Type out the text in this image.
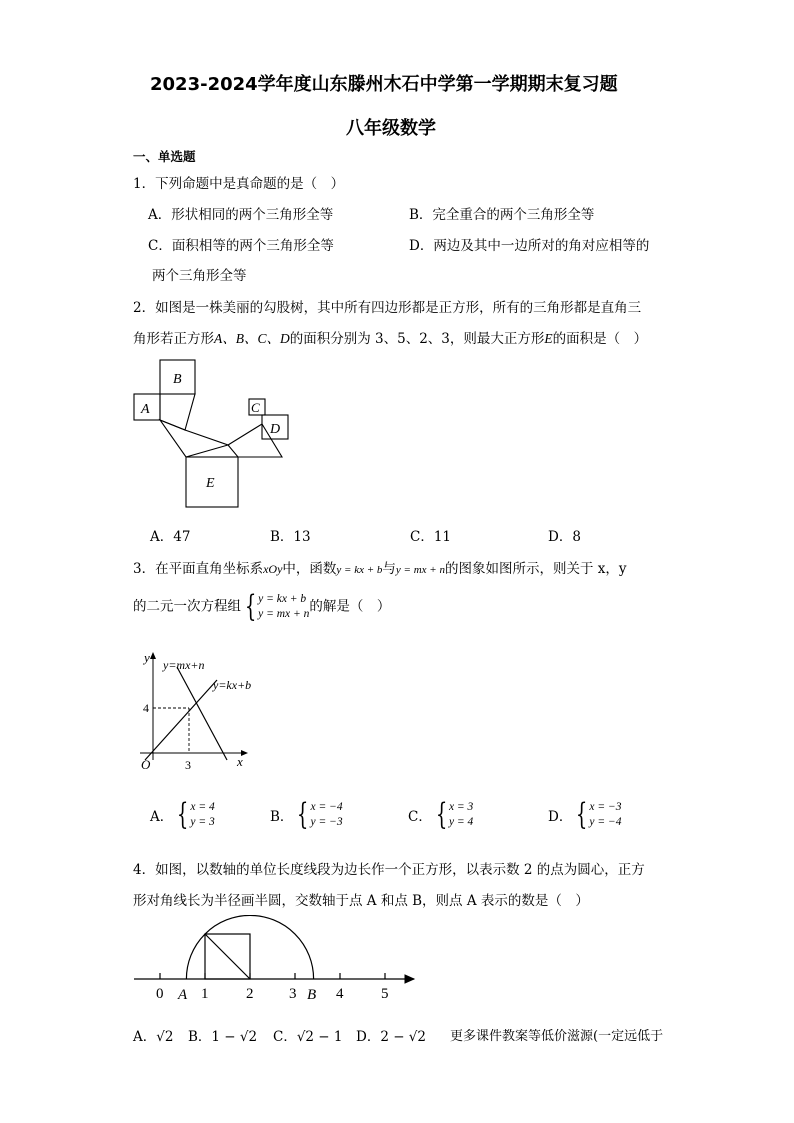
2023-2024学年度山东滕州木石中学第一学期期末复习题
八年级数学
一、单选题
1．下列命题中是真命题的是（　）
A．形状相同的两个三角形全等	B．完全重合的两个三角形全等
C．面积相等的两个三角形全等	D．两边及其中一边所对的角对应相等的
两个三角形全等
2．如图是一株美丽的勾股树，其中所有四边形都是正方形，所有的三角形都是直角三
角形若正方形A、B、C、D的面积分别为 3、5、2、3，则最大正方形E的面积是（　）
B
A	C
D
E
A．47	B．13	C．11	D．8
3．在平面直角坐标系xOy中，函数y = kx + b与y = mx + n的图象如图所示，则关于 x，y
的二元一次方程组 { y = kx + b
y = mx + n 的解是（　）
y
x
O
4
3
y=mx+n
y=kx+b
A． { x = 4
y = 3	B． { x = −4
y = −3	C． { x = 3
y = 4	D． { x = −3
y = −4
4．如图，以数轴的单位长度线段为边长作一个正方形，以表示数 2 的点为圆心，正方
形对角线长为半径画半圆，交数轴于点 A 和点 B，则点 A 表示的数是（　）
0	1	2 3	4	5
A	B
A．√2 B．1 − √2 C．√2 − 1 D．2 − √2 更多课件教案等低价滋源(一定远低于
